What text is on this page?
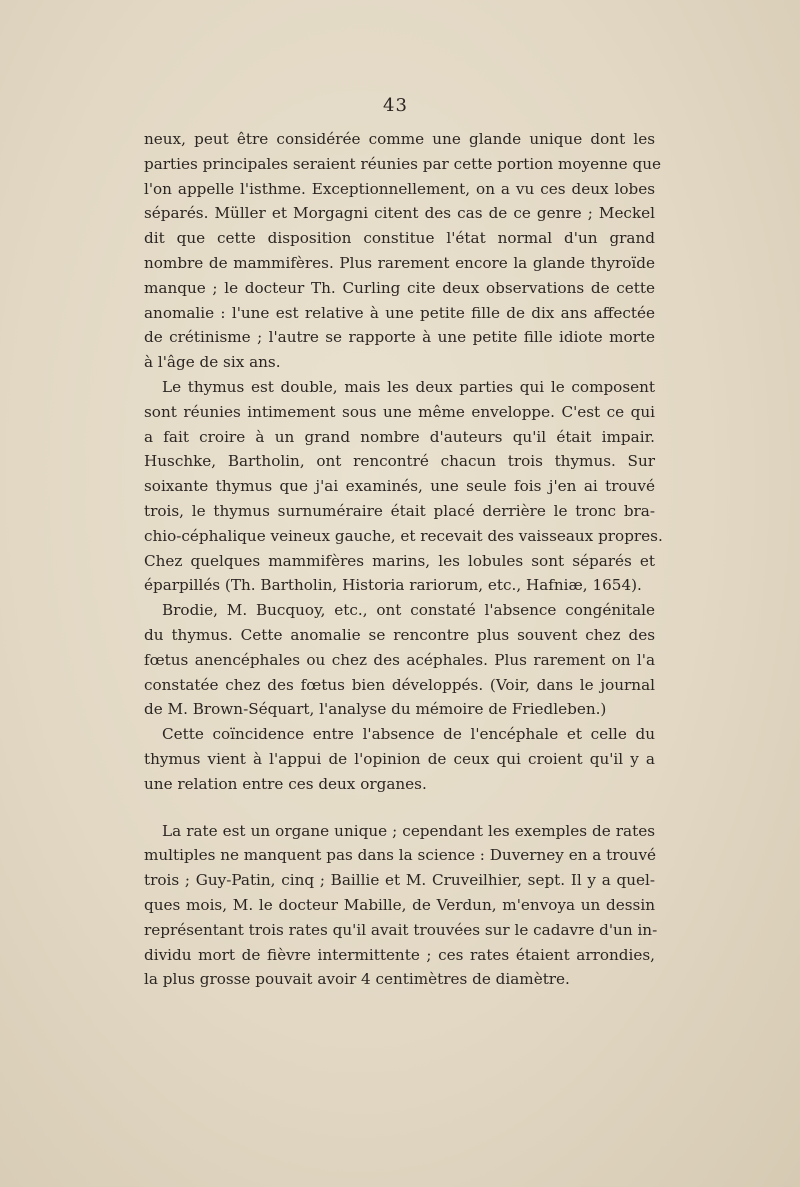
43

neux, peut être considérée comme une glande unique dont les
parties principales seraient réunies par cette portion moyenne que
l'on appelle l'isthme. Exceptionnellement, on a vu ces deux lobes
séparés. Müller et Morgagni citent des cas de ce genre ; Meckel
dit que cette disposition constitue l'état normal d'un grand
nombre de mammifères. Plus rarement encore la glande thyroïde
manque ; le docteur Th. Curling cite deux observations de cette
anomalie : l'une est relative à une petite fille de dix ans affectée
de crétinisme ; l'autre se rapporte à une petite fille idiote morte
à l'âge de six ans.

Le thymus est double, mais les deux parties qui le composent
sont réunies intimement sous une même enveloppe. C'est ce qui
a fait croire à un grand nombre d'auteurs qu'il était impair.
Huschke, Bartholin, ont rencontré chacun trois thymus. Sur
soixante thymus que j'ai examinés, une seule fois j'en ai trouvé
trois, le thymus surnuméraire était placé derrière le tronc bra-
chio-céphalique veineux gauche, et recevait des vaisseaux propres.
Chez quelques mammifères marins, les lobules sont séparés et
éparpillés (Th. Bartholin, Historia rariorum, etc., Hafniæ, 1654).

Brodie, M. Bucquoy, etc., ont constaté l'absence congénitale
du thymus. Cette anomalie se rencontre plus souvent chez des
fœtus anencéphales ou chez des acéphales. Plus rarement on l'a
constatée chez des fœtus bien développés. (Voir, dans le journal
de M. Brown-Séquart, l'analyse du mémoire de Friedleben.)

Cette coïncidence entre l'absence de l'encéphale et celle du
thymus vient à l'appui de l'opinion de ceux qui croient qu'il y a
une relation entre ces deux organes.

La rate est un organe unique ; cependant les exemples de rates
multiples ne manquent pas dans la science : Duverney en a trouvé
trois ; Guy-Patin, cinq ; Baillie et M. Cruveilhier, sept. Il y a quel-
ques mois, M. le docteur Mabille, de Verdun, m'envoya un dessin
représentant trois rates qu'il avait trouvées sur le cadavre d'un in-
dividu mort de fièvre intermittente ; ces rates étaient arrondies,
la plus grosse pouvait avoir 4 centimètres de diamètre.
